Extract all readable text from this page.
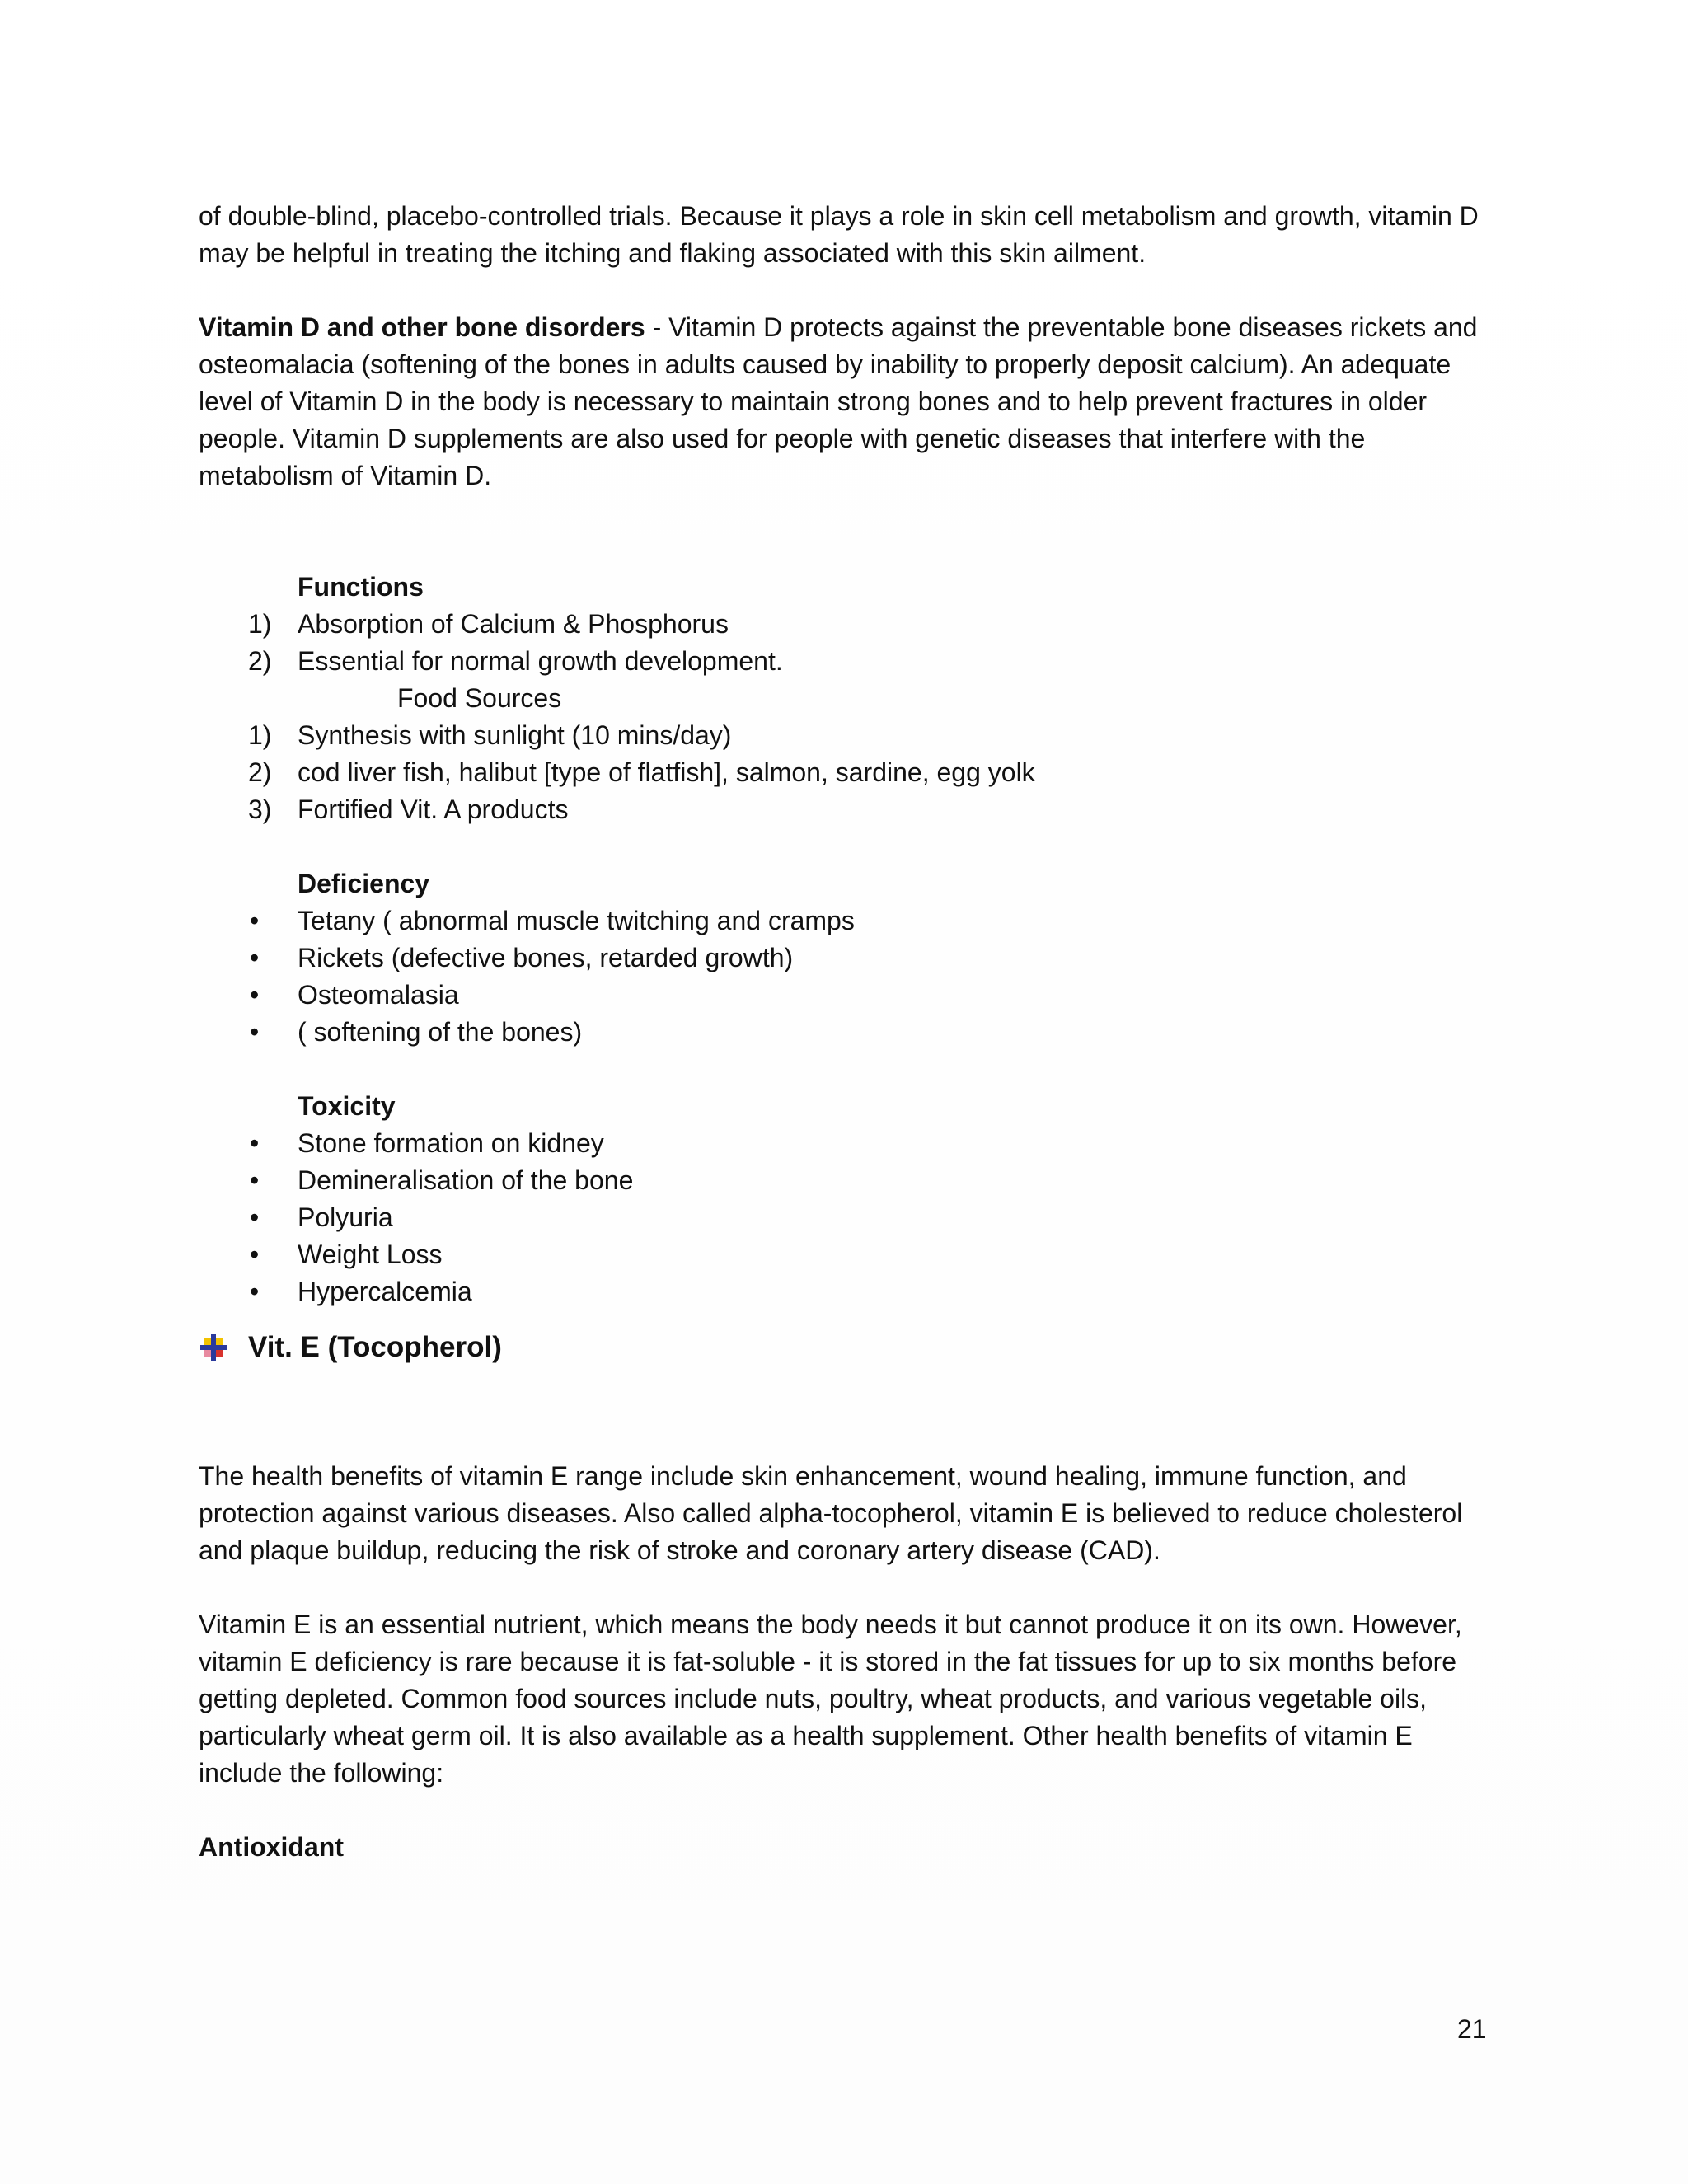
of double-blind, placebo-controlled trials. Because it plays a role in skin cell metabolism and growth, vitamin D may be helpful in treating the itching and flaking associated with this skin ailment.

Vitamin D and other bone disorders - Vitamin D protects against the preventable bone diseases rickets and osteomalacia (softening of the bones in adults caused by inability to properly deposit calcium). An adequate level of Vitamin D in the body is necessary to maintain strong bones and to help prevent fractures in older people. Vitamin D supplements are also used for people with genetic diseases that interfere with the metabolism of Vitamin D.

Functions
1) Absorption of Calcium & Phosphorus
2) Essential for normal growth development.
Food Sources
1) Synthesis with sunlight (10 mins/day)
2) cod liver fish, halibut [type of flatfish], salmon, sardine, egg yolk
3) Fortified Vit. A products
Deficiency
• Tetany ( abnormal muscle twitching and cramps
• Rickets (defective bones, retarded growth)
• Osteomalasia
• ( softening of the bones)
Toxicity
• Stone formation on kidney
• Demineralisation of the bone
• Polyuria
• Weight Loss
• Hypercalcemia
Vit. E (Tocopherol)

The health benefits of vitamin E range include skin enhancement, wound healing, immune function, and protection against various diseases. Also called alpha-tocopherol, vitamin E is believed to reduce cholesterol and plaque buildup, reducing the risk of stroke and coronary artery disease (CAD).

Vitamin E is an essential nutrient, which means the body needs it but cannot produce it on its own. However, vitamin E deficiency is rare because it is fat-soluble - it is stored in the fat tissues for up to six months before getting depleted. Common food sources include nuts, poultry, wheat products, and various vegetable oils, particularly wheat germ oil. It is also available as a health supplement. Other health benefits of vitamin E include the following:

Antioxidant

21
